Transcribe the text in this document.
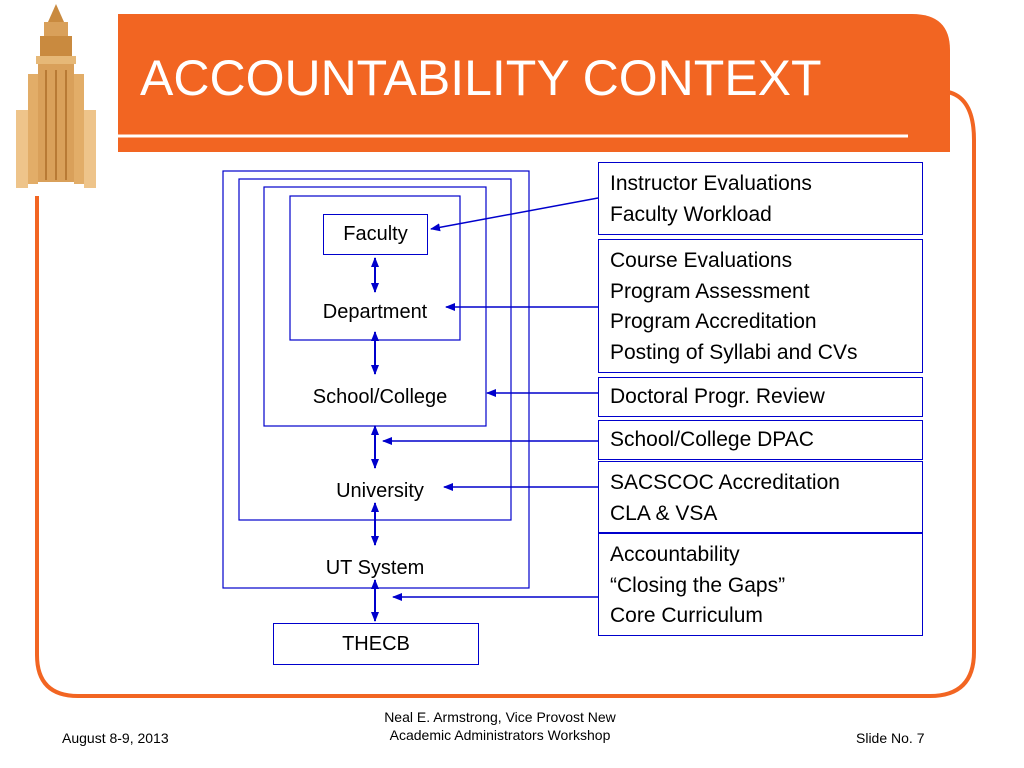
ACCOUNTABILITY CONTEXT
Faculty
Department
School/College
University
UT System
THECB
Instructor Evaluations
Faculty Workload
Course Evaluations
Program Assessment
Program Accreditation
Posting of Syllabi and CVs
Doctoral Progr. Review
School/College DPAC
SACSCOC Accreditation
CLA & VSA
Accountability
“Closing the Gaps”
Core Curriculum
August 8-9, 2013
Neal E. Armstrong, Vice Provost New
Academic Administrators Workshop	Slide No. 7
